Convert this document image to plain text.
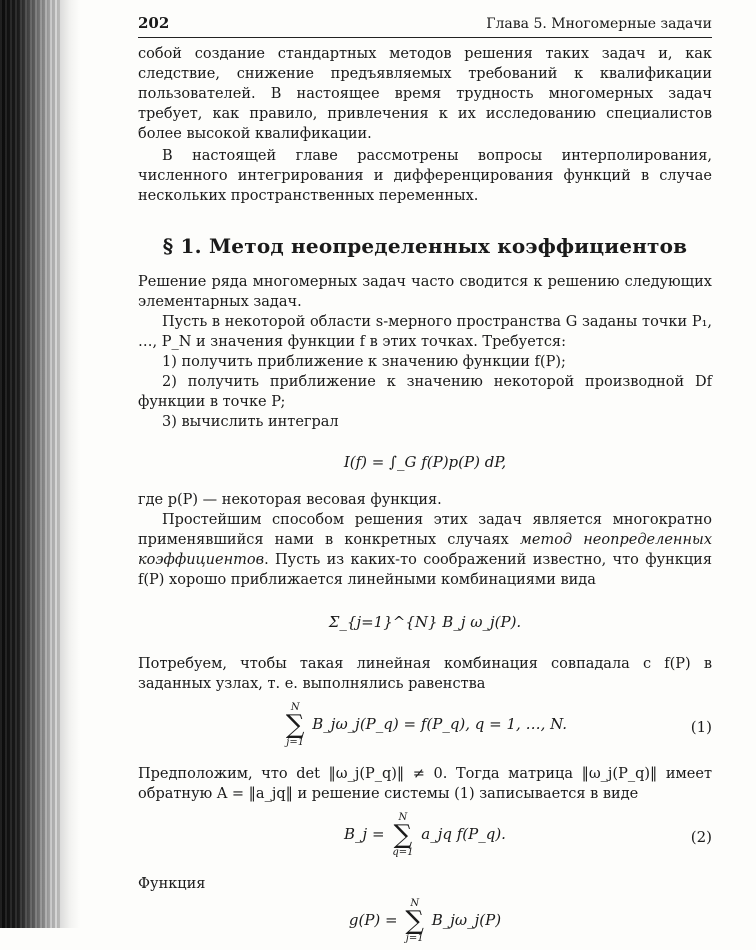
202	Глава 5. Многомерные задачи

собой создание стандартных методов решения таких задач и, как следствие, снижение предъявляемых требований к квалификации пользователей. В настоящее время трудность многомерных задач требует, как правило, привлечения к их исследованию специалистов более высокой квалификации.

В настоящей главе рассмотрены вопросы интерполирования, численного интегрирования и дифференцирования функций в случае нескольких пространственных переменных.

§ 1. Метод неопределенных коэффициентов

Решение ряда многомерных задач часто сводится к решению следующих элементарных задач.

Пусть в некоторой области s-мерного пространства G заданы точки P₁, …, P_N и значения функции f в этих точках. Требуется:

1) получить приближение к значению функции f(P);

2) получить приближение к значению некоторой производной Df функции в точке P;

3) вычислить интеграл

I(f) = ∫_G f(P)p(P) dP,

где p(P) — некоторая весовая функция.

Простейшим способом решения этих задач является многократно применявшийся нами в конкретных случаях метод неопределенных коэффициентов. Пусть из каких-то соображений известно, что функция f(P) хорошо приближается линейными комбинациями вида

Σ_{j=1}^{N} B_j ω_j(P).

Потребуем, чтобы такая линейная комбинация совпадала с f(P) в заданных узлах, т. е. выполнялись равенства

N
∑
j=1
B_jω_j(P_q) = f(P_q), q = 1, …, N.	(1)

Предположим, что det ‖ω_j(P_q)‖ ≠ 0. Тогда матрица ‖ω_j(P_q)‖ имеет обратную A = ‖a_jq‖ и решение системы (1) записывается в виде

B_j =
N
∑
q=1
a_jq f(P_q).	(2)

Функция

g(P) =
N
∑
j=1
B_jω_j(P)
